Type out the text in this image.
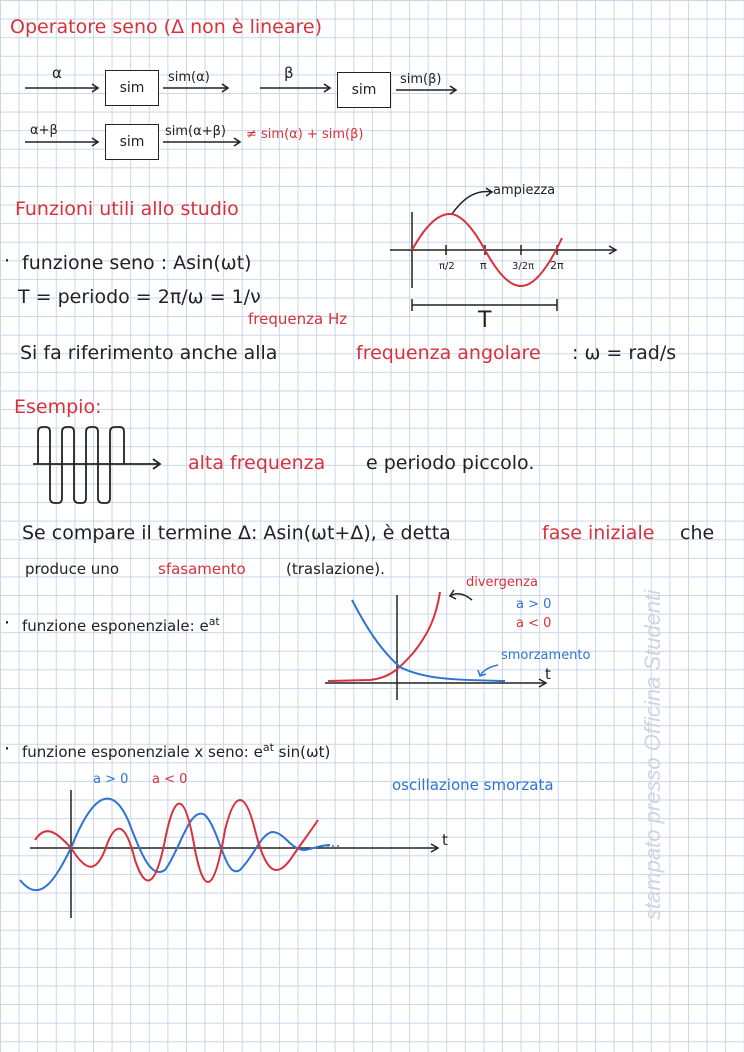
Operatore seno (Δ non è lineare)
α
sim
sim(α)	β
sim
sim(β)
α+β
sim
sim(α+β) ≠ sim(α) + sim(β)
Funzioni utili allo studio
· funzione seno : Asin(ωt)
T = periodo = 2π/ω = 1/ν
frequenza Hz
Si fa riferimento anche alla	frequenza angolare : ω = rad/s
ampiezza
π/2 π	3/2π 2π
T
Esempio:
alta frequenza e periodo piccolo.
Se compare il termine Δ: Asin(ωt+Δ), è detta	fase iniziale che
produce uno	sfasamento	(traslazione).
· funzione esponenziale: $e^{at}$
divergenza
a > 0
a < 0
smorzamento
t
· funzione esponenziale x seno: $e^{at}$ sin(ωt)
a > 0 a < 0	oscillazione smorzata
t	stampato presso Officina Studenti
